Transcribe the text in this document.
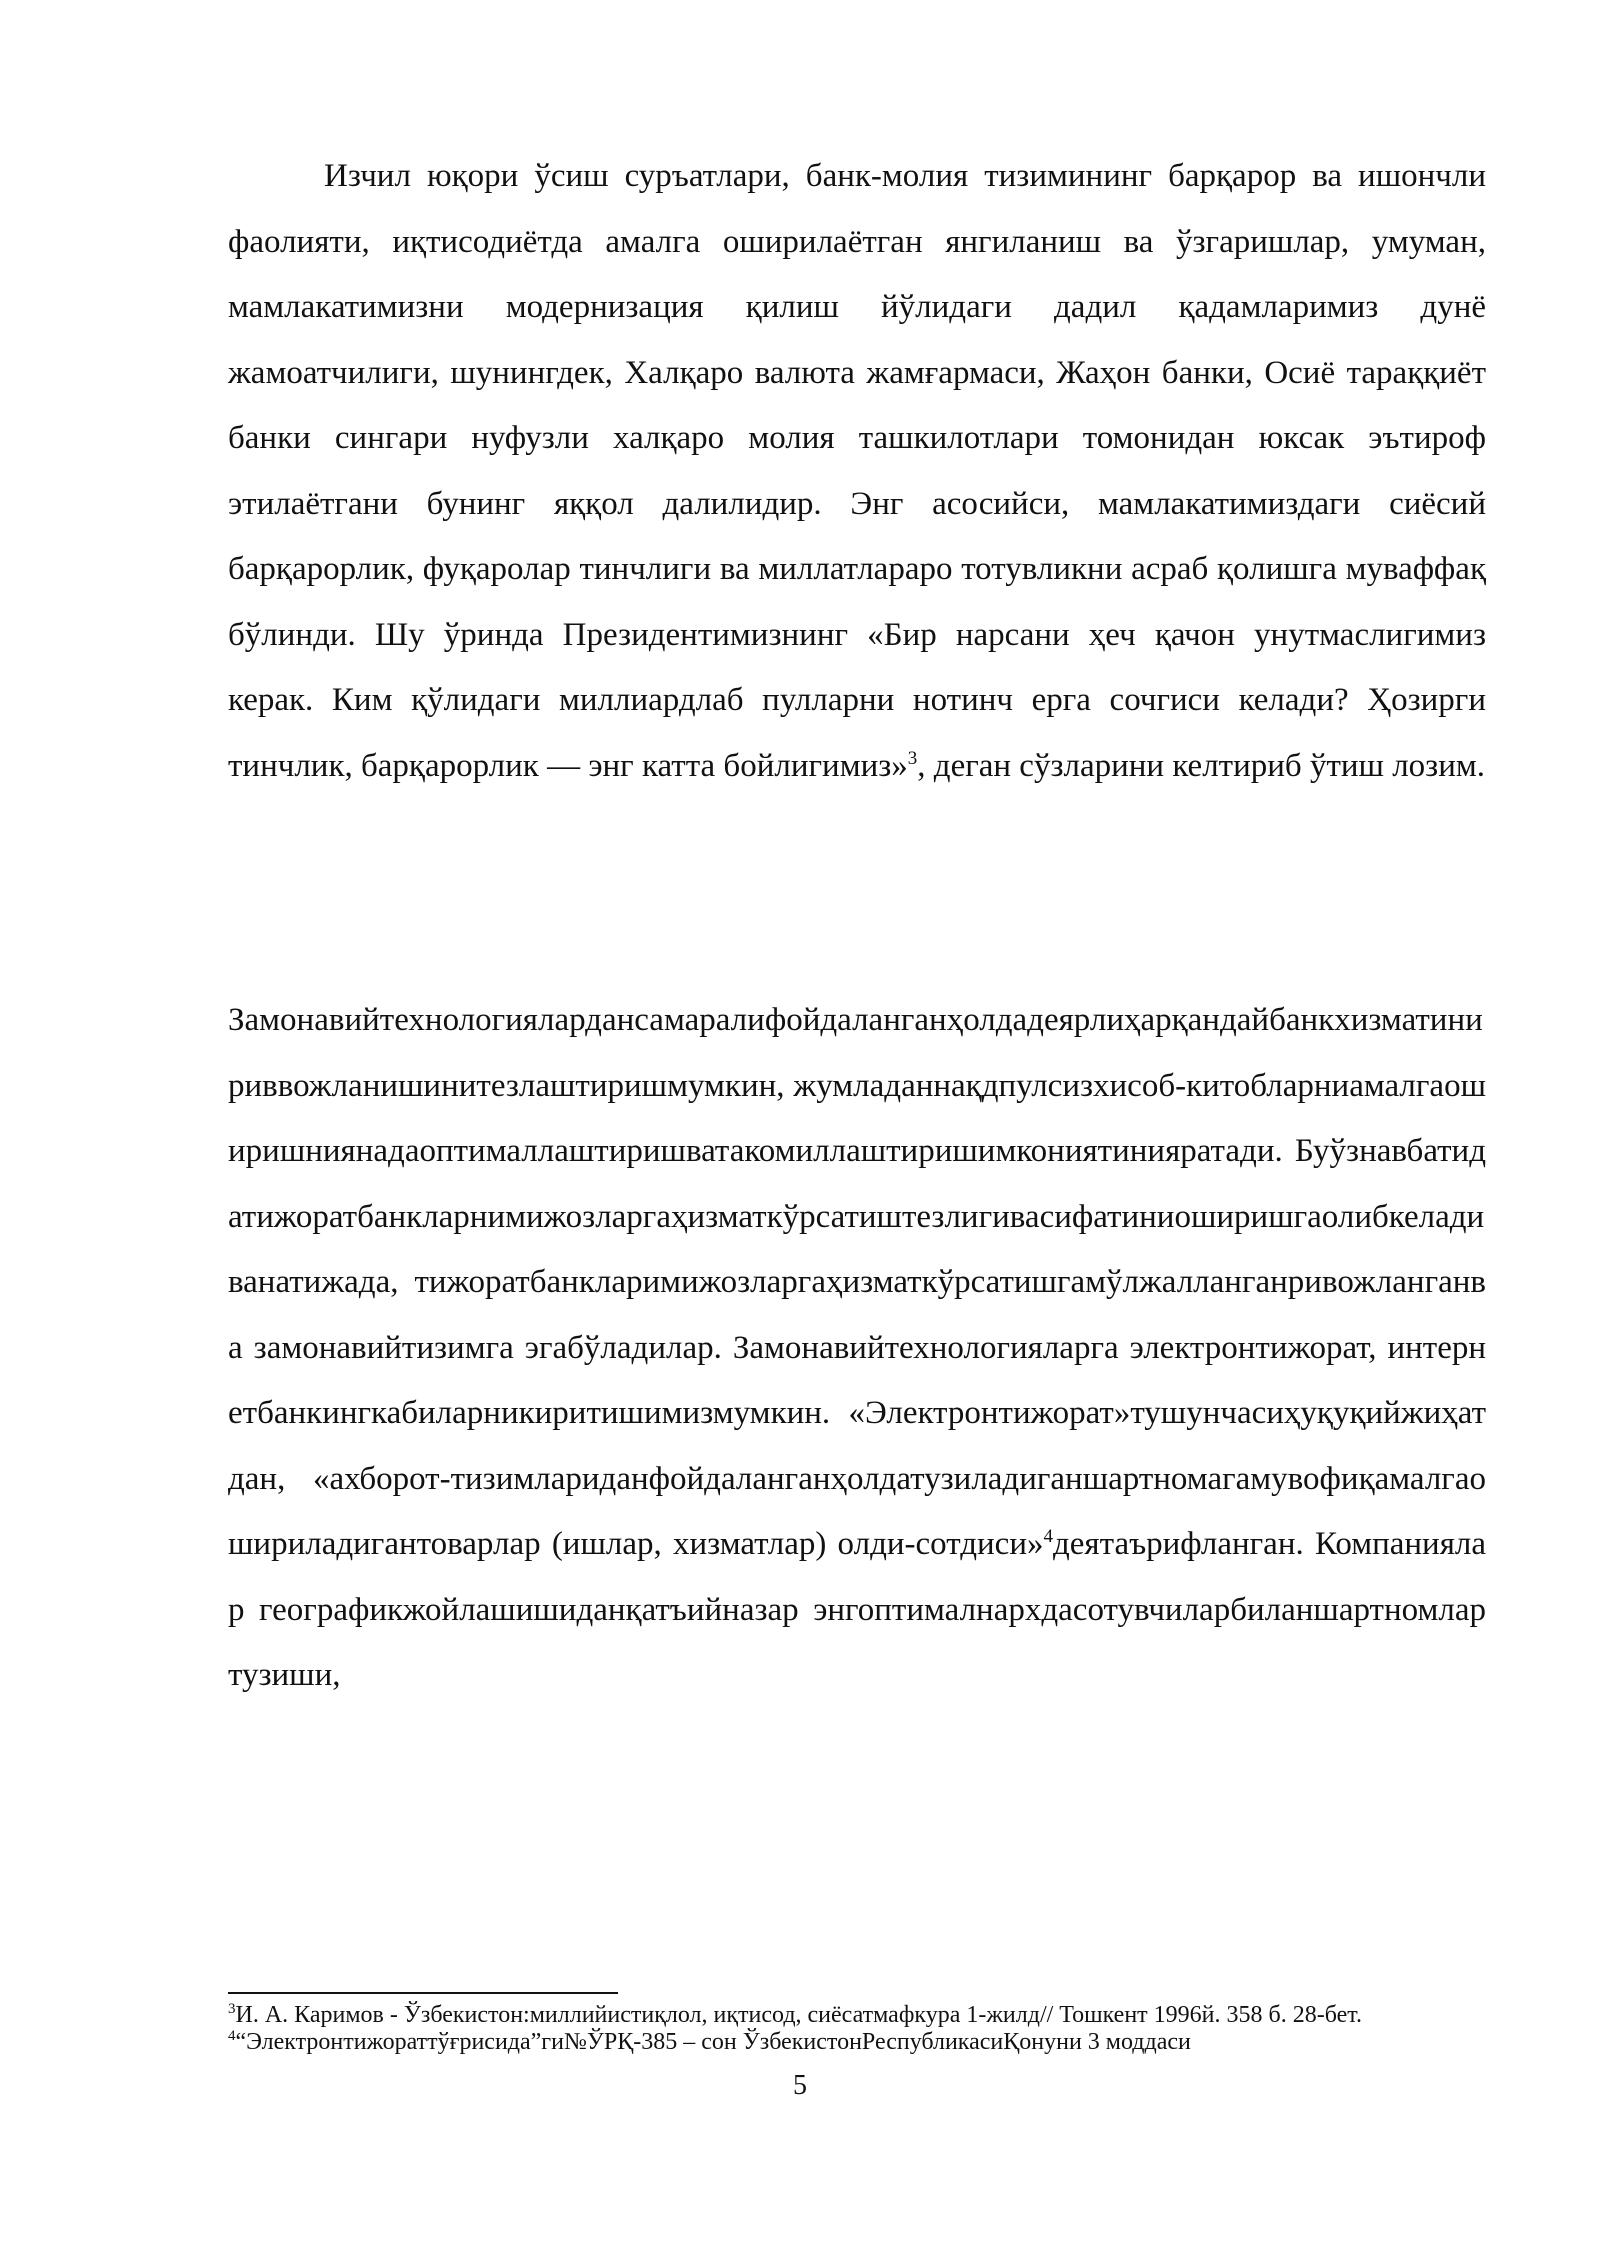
Изчил юқори ўсиш суръатлари, банк-молия тизимининг барқарор ва ишончли фаолияти, иқтисодиётда амалга оширилаётган янгиланиш ва ўзгаришлар, умуман, мамлакатимизни модернизация қилиш йўлидаги дадил қадамларимиз дунё жамоатчилиги, шунингдек, Халқаро валюта жамғармаси, Жаҳон банки, Осиё тараққиёт банки сингари нуфузли халқаро молия ташкилотлари томонидан юксак эътироф этилаётгани бунинг яққол далилидир. Энг асосийси, мамлакатимиздаги сиёсий барқарорлик, фуқаролар тинчлиги ва миллатлараро тотувликни асраб қолишга муваффақ бўлинди. Шу ўринда Президентимизнинг «Бир нарсани ҳеч қачон унутмаслигимиз керак. Ким қўлидаги миллиардлаб пулларни нотинч ерга сочгиси келади? Ҳозирги тинчлик, барқарорлик — энг катта бойлигимиз»$^3$, деган сўзларини келтириб ўтиш лозим.

Замонавийтехнологиялардансамаралифойдаланганҳолдадеярлиҳарқандайбанкхизматинириввожланишинитезлаштиришмумкин, жумладаннақдпулсизхисоб-китобларниамалгаоширишниянадаоптималлаштиришватакомиллаштиришимкониятинияратади. Буўзнавбатидатижоратбанкларнимижозларгаҳизматкўрсатиштезлигивасифатиниоширишгаолибкеладиванатижада, тижоратбанкларимижозларгаҳизматкўрсатишгамўлжалланганривожланганва замонавийтизимга эгабўладилар. Замонавийтехнологияларга электронтижорат, интернетбанкингкабиларникиритишимизмумкин. «Электронтижорат»тушунчасиҳуқуқийжиҳатдан, «ахборот-тизимлариданфойдаланганҳолдатузиладиганшартномагамувофиқамалгаошириладигантоварлар (ишлар, хизматлар) олди-сотдиси»$^4$деятаърифланган. Компаниялар географикжойлашишиданқатъийназар энгоптималнархдасотувчиларбиланшартномлартузиши,

$^3$И. А. Каримов - Ўзбекистон:миллийистиқлол, иқтисод, сиёсатмафкура 1-жилд// Тошкент 1996й. 358 б. 28-бет.

$^4$“Электронтижораттўғрисида”ги№ЎРҚ-385 – сон ЎзбекистонРеспубликасиҚонуни 3 моддаси

5
